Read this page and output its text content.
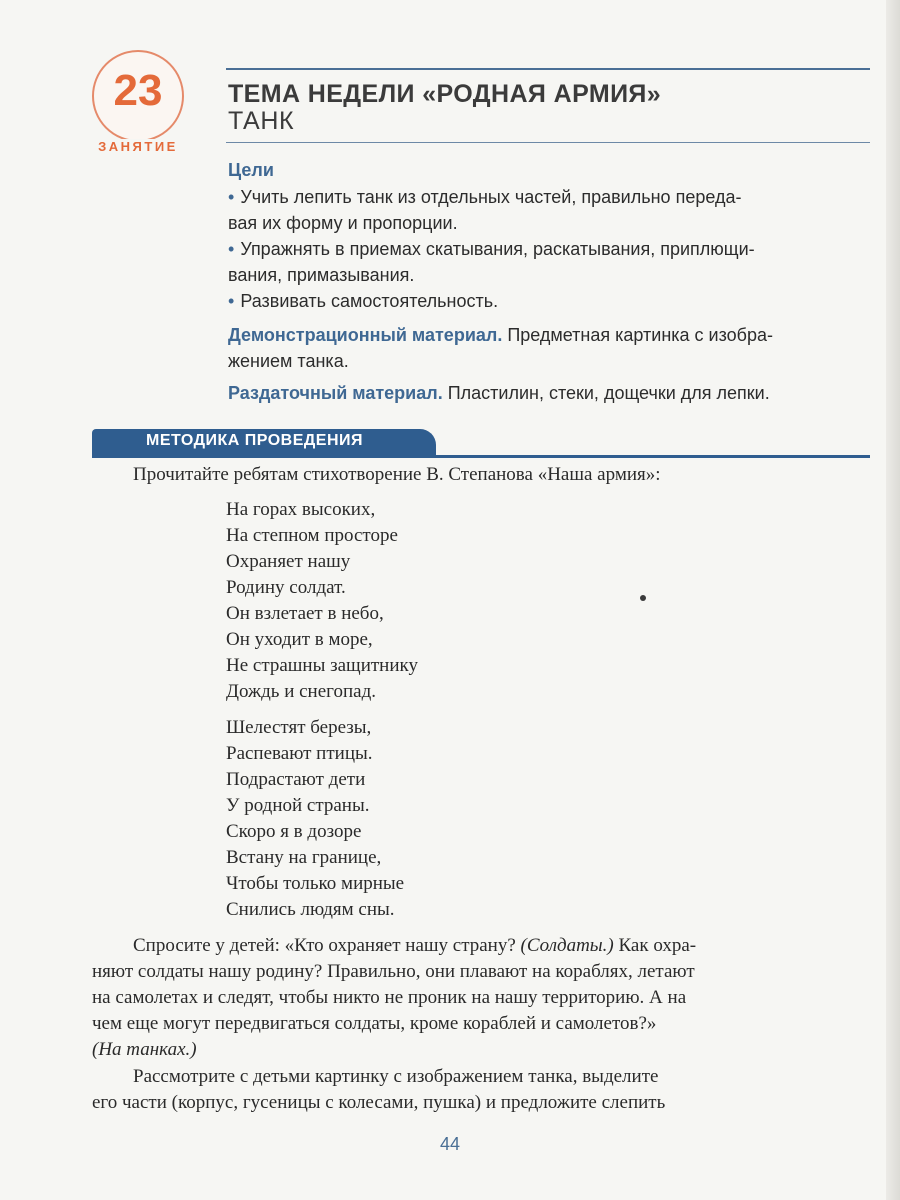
23
ЗАНЯТИЕ
ТЕМА НЕДЕЛИ «РОДНАЯ АРМИЯ»
ТАНК
Цели
• Учить лепить танк из отдельных частей, правильно переда-
вая их форму и пропорции.
• Упражнять в приемах скатывания, раскатывания, приплющи-
вания, примазывания.
• Развивать самостоятельность.
Демонстрационный материал. Предметная картинка с изобра-
жением танка.
Раздаточный материал. Пластилин, стеки, дощечки для лепки.
МЕТОДИКА ПРОВЕДЕНИЯ
Прочитайте ребятам стихотворение В. Степанова «Наша армия»:
На горах высоких,
На степном просторе
Охраняет нашу
Родину солдат.
Он взлетает в небо,
Он уходит в море,
Не страшны защитнику
Дождь и снегопад.
Шелестят березы,
Распевают птицы.
Подрастают дети
У родной страны.
Скоро я в дозоре
Встану на границе,
Чтобы только мирные
Снились людям сны.
Спросите у детей: «Кто охраняет нашу страну? (Солдаты.) Как охра-
няют солдаты нашу родину? Правильно, они плавают на кораблях, летают
на самолетах и следят, чтобы никто не проник на нашу территорию. А на
чем еще могут передвигаться солдаты, кроме кораблей и самолетов?»
(На танках.)
Рассмотрите с детьми картинку с изображением танка, выделите
его части (корпус, гусеницы с колесами, пушка) и предложите слепить
44
